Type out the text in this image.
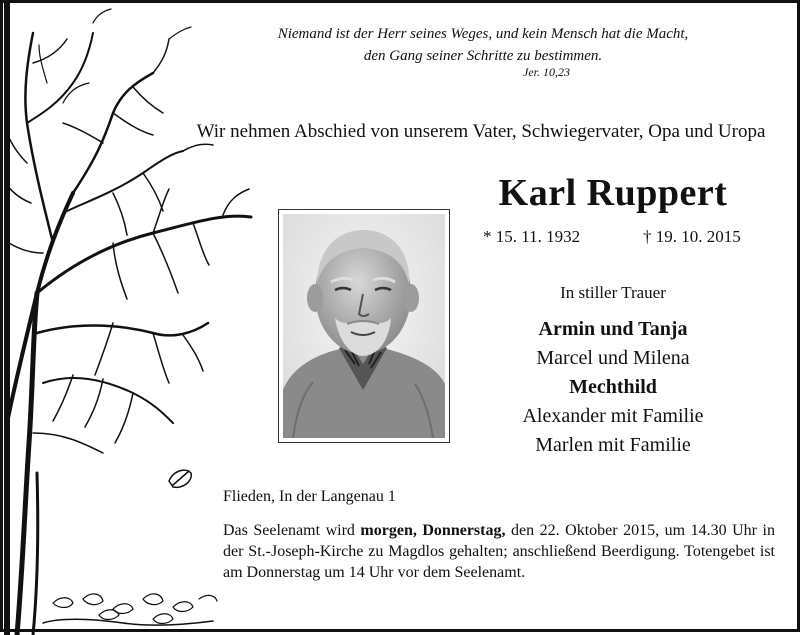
Niemand ist der Herr seines Weges, und kein Mensch hat die Macht,
den Gang seiner Schritte zu bestimmen.
Jer. 10,23
Wir nehmen Abschied von unserem Vater, Schwiegervater, Opa und Uropa
Karl Ruppert
* 15. 11. 1932	† 19. 10. 2015
In stiller Trauer
Armin und Tanja
Marcel und Milena
Mechthild
Alexander mit Familie
Marlen mit Familie
Flieden, In der Langenau 1
Das Seelenamt wird morgen, Donnerstag, den 22. Oktober 2015, um 14.30 Uhr in der St.-Joseph-Kirche zu Magdlos gehalten; anschließend Beerdigung. Totengebet ist am Donnerstag um 14 Uhr vor dem Seelenamt.
